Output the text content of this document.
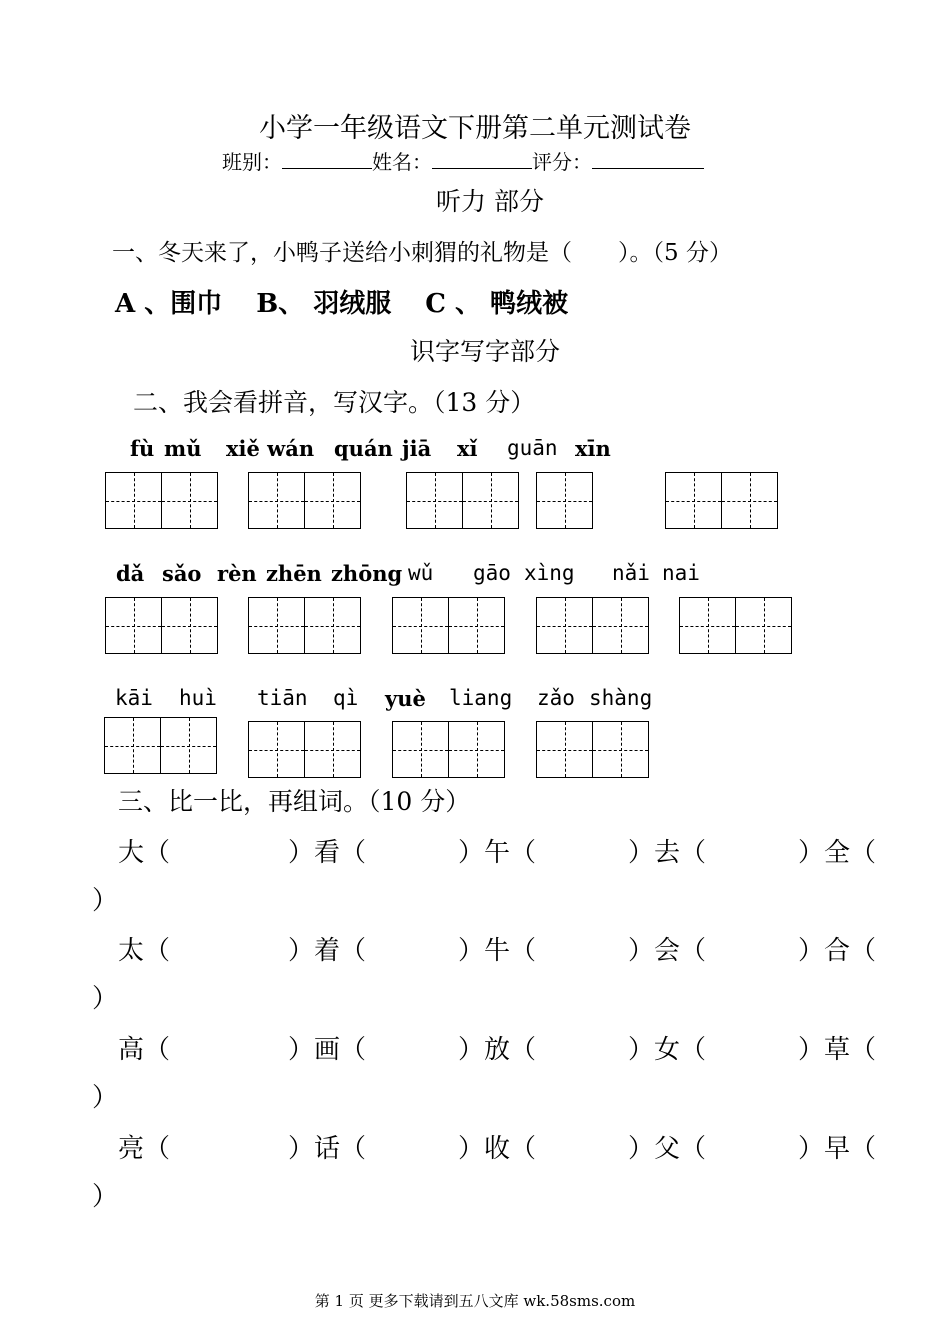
小学一年级语文下册第二单元测试卷
班别：	姓名：	评分：
听力 部分
一、冬天来了，小鸭子送给小刺猬的礼物是（　　）。（5 分）
A 、围巾 B、 羽绒服 C 、 鸭绒被
识字写字部分
二、我会看拼音，写汉字。（13 分）
fù mǔ xiě wán quán jiā xǐ guān xīn
dǎ sǎo rèn zhēn zhōng wǔ gāo xìng nǎi nai
kāi huì tiān qì yuè liang zǎo shàng
三、比一比，再组词。（10 分）
大（	）看（	）午（	）去（	）全（
）
太（	）着（	）牛（	）会（	）合（
）
高（	）画（	）放（	）女（	）草（
）
亮（	）话（	）收（	）父（	）早（
）
第 1 页 更多下载请到五八文库 wk.58sms.com
